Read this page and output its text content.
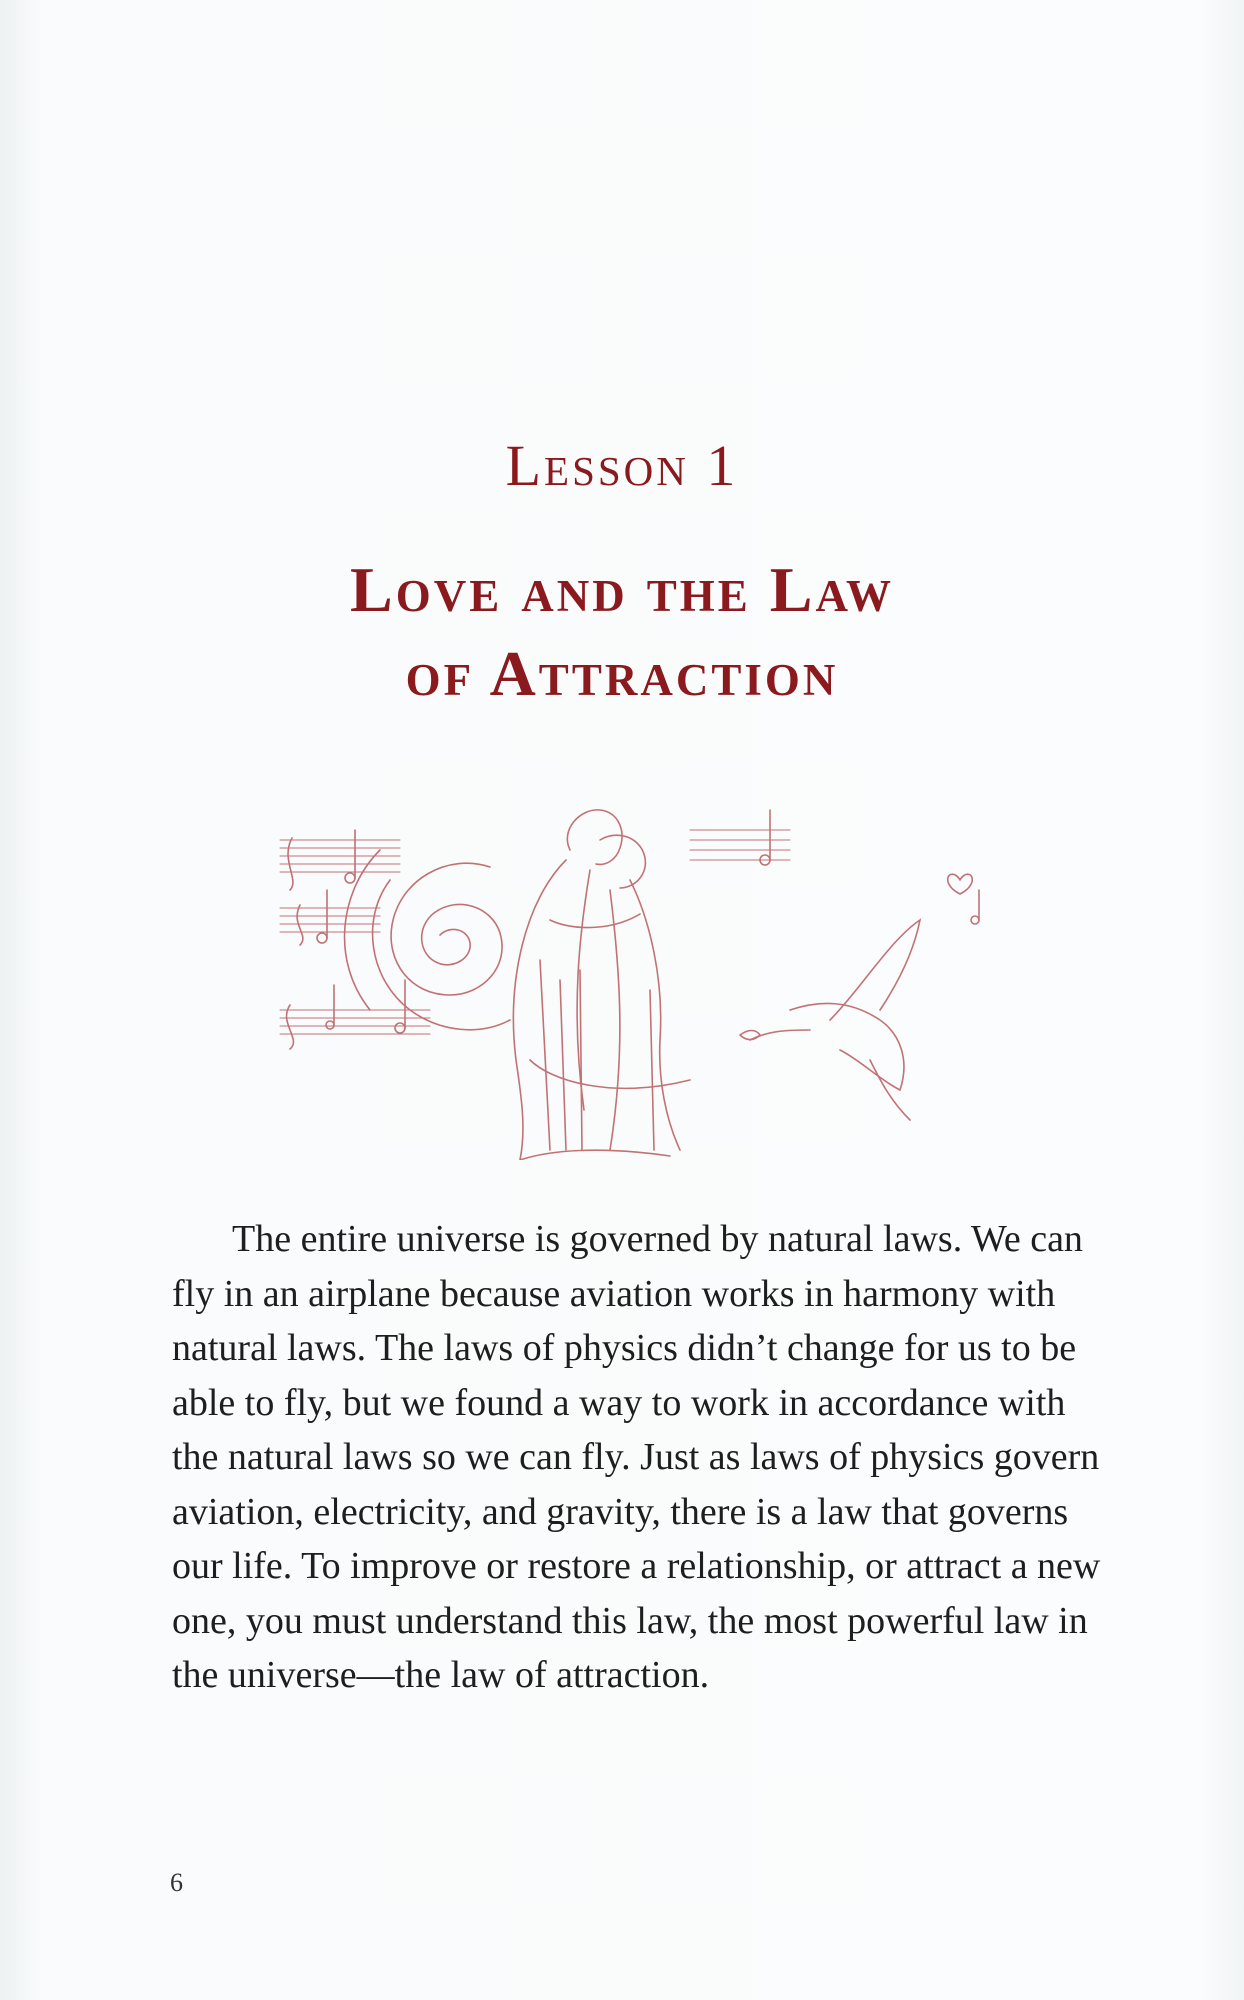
Lesson 1
Love and the Law
of Attraction

The entire universe is governed by natural laws. We can fly in an airplane because aviation works in harmony with natural laws. The laws of physics didn’t change for us to be able to fly, but we found a way to work in accordance with the natural laws so we can fly. Just as laws of physics govern aviation, electricity, and gravity, there is a law that governs our life. To improve or restore a relationship, or attract a new one, you must understand this law, the most powerful law in the universe—the law of attraction.

6
